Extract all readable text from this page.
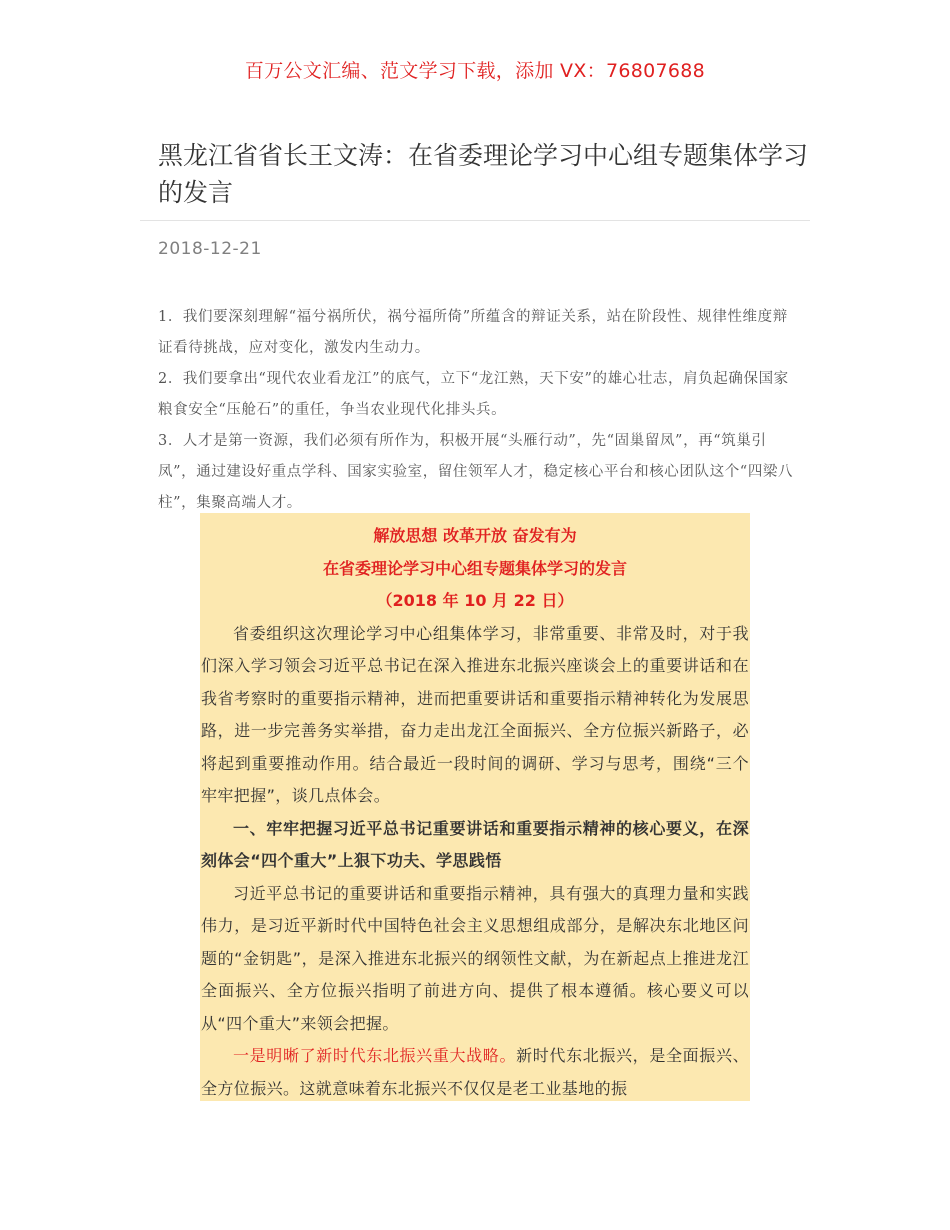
百万公文汇编、范文学习下载，添加 VX：76807688
黑龙江省省长王文涛：在省委理论学习中心组专题集体学习的发言
2018-12-21

1．我们要深刻理解“福兮祸所伏，祸兮福所倚”所蕴含的辩证关系，站在阶段性、规律性维度辩证看待挑战，应对变化，激发内生动力。

2．我们要拿出“现代农业看龙江”的底气，立下“龙江熟，天下安”的雄心壮志，肩负起确保国家粮食安全“压舱石”的重任，争当农业现代化排头兵。

3．人才是第一资源，我们必须有所作为，积极开展“头雁行动”，先“固巢留凤”，再“筑巢引凤”，通过建设好重点学科、国家实验室，留住领军人才，稳定核心平台和核心团队这个“四梁八柱”，集聚高端人才。

解放思想 改革开放 奋发有为
在省委理论学习中心组专题集体学习的发言
（2018 年 10 月 22 日）

省委组织这次理论学习中心组集体学习，非常重要、非常及时，对于我们深入学习领会习近平总书记在深入推进东北振兴座谈会上的重要讲话和在我省考察时的重要指示精神，进而把重要讲话和重要指示精神转化为发展思路，进一步完善务实举措，奋力走出龙江全面振兴、全方位振兴新路子，必将起到重要推动作用。结合最近一段时间的调研、学习与思考，围绕“三个牢牢把握”，谈几点体会。

一、牢牢把握习近平总书记重要讲话和重要指示精神的核心要义，在深刻体会“四个重大”上狠下功夫、学思践悟

习近平总书记的重要讲话和重要指示精神，具有强大的真理力量和实践伟力，是习近平新时代中国特色社会主义思想组成部分，是解决东北地区问题的“金钥匙”，是深入推进东北振兴的纲领性文献，为在新起点上推进龙江全面振兴、全方位振兴指明了前进方向、提供了根本遵循。核心要义可以从“四个重大”来领会把握。

一是明晰了新时代东北振兴重大战略。新时代东北振兴，是全面振兴、全方位振兴。这就意味着东北振兴不仅仅是老工业基地的振
